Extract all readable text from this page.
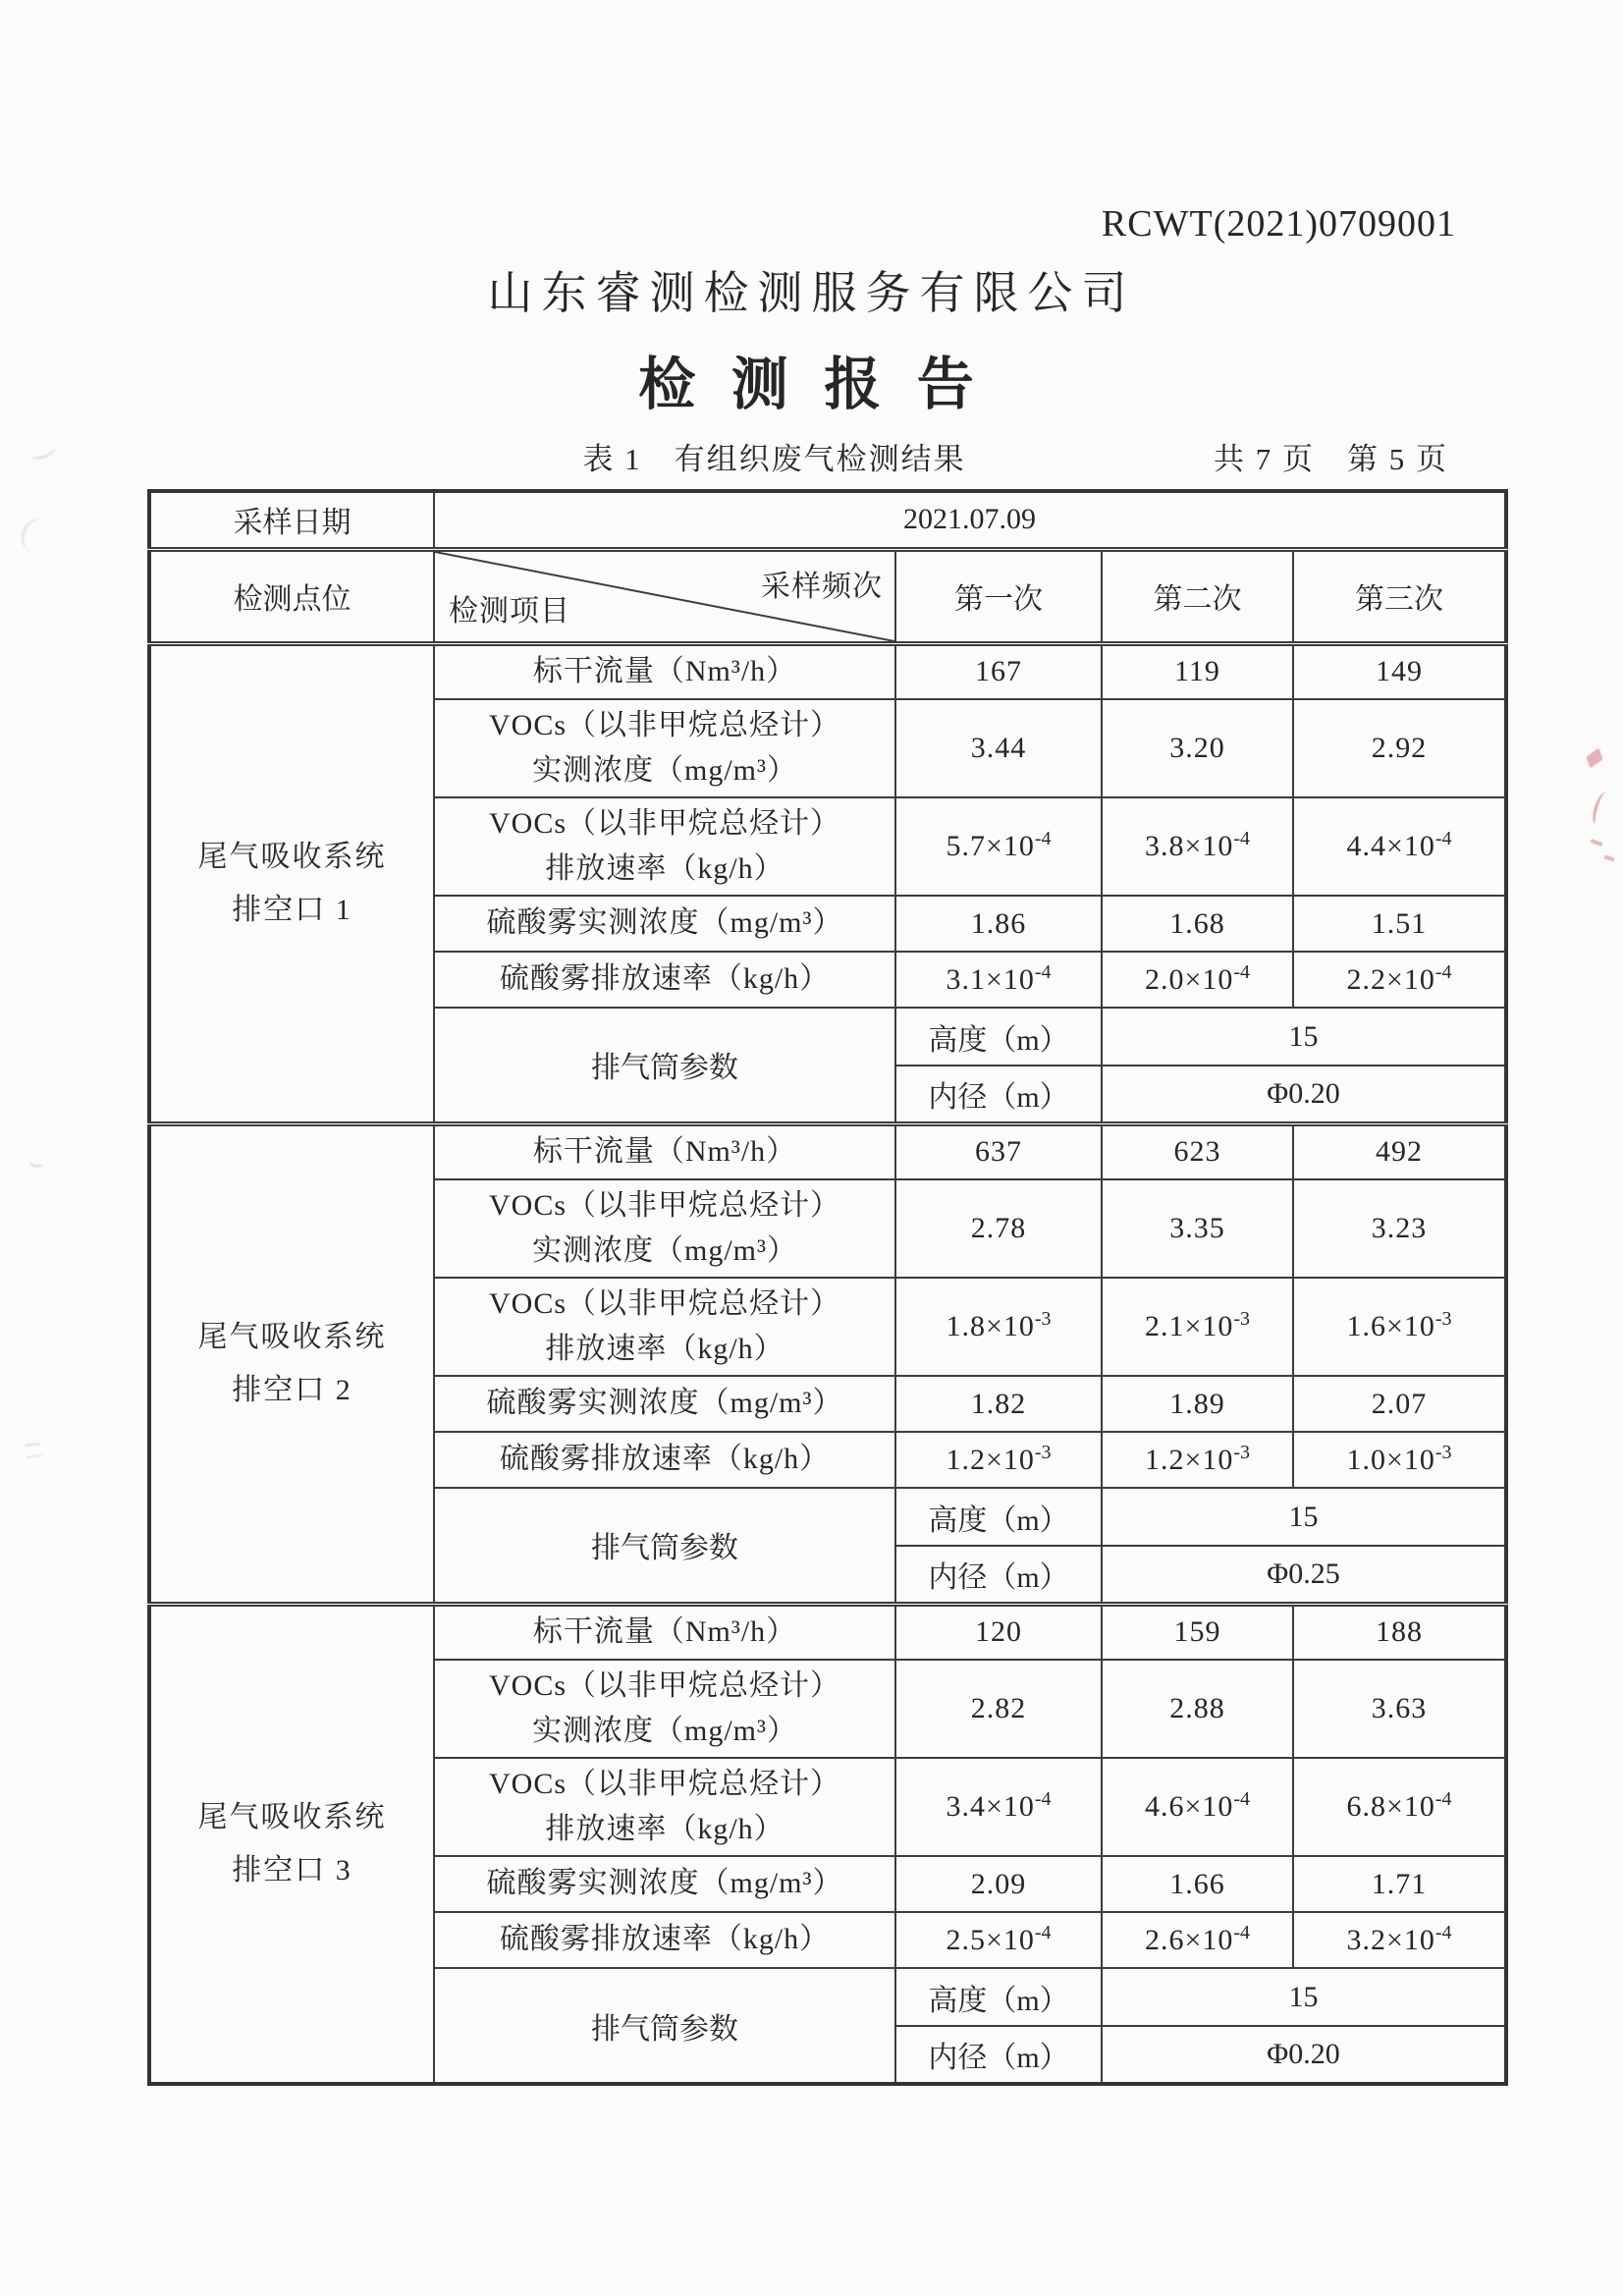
RCWT(2021)0709001
山东睿测检测服务有限公司
检 测 报 告
表 1　有组织废气检测结果	共 7 页　第 5 页
采样日期	2021.07.09			
检测点位	采样频次
检测项目	第一次	第二次	第三次

尾气吸收系统
排空口 1	标干流量（Nm³/h）	167	119	149

	VOCs（以非甲烷总烃计）
实测浓度（mg/m³）	3.44	3.20	2.92

	VOCs（以非甲烷总烃计）
排放速率（kg/h）	$5.7\times 10^{-4}$	$3.8\times 10^{-4}$	$4.4\times 10^{-4}$

	硫酸雾实测浓度（mg/m³）	1.86	1.68	1.51

	硫酸雾排放速率（kg/h）	$3.1\times 10^{-4}$	$2.0\times 10^{-4}$	$2.2\times 10^{-4}$
	排气筒参数	高度（m）	15	
		内径（m）	Φ0.20	

尾气吸收系统
排空口 2	标干流量（Nm³/h）	637	623	492

	VOCs（以非甲烷总烃计）
实测浓度（mg/m³）	2.78	3.35	3.23

	VOCs（以非甲烷总烃计）
排放速率（kg/h）	$1.8\times 10^{-3}$	$2.1\times 10^{-3}$	$1.6\times 10^{-3}$

	硫酸雾实测浓度（mg/m³）	1.82	1.89	2.07

	硫酸雾排放速率（kg/h）	$1.2\times 10^{-3}$	$1.2\times 10^{-3}$	$1.0\times 10^{-3}$
	排气筒参数	高度（m）	15	
		内径（m）	Φ0.25	

尾气吸收系统
排空口 3	标干流量（Nm³/h）	120	159	188

	VOCs（以非甲烷总烃计）
实测浓度（mg/m³）	2.82	2.88	3.63

	VOCs（以非甲烷总烃计）
排放速率（kg/h）	$3.4\times 10^{-4}$	$4.6\times 10^{-4}$	$6.8\times 10^{-4}$

	硫酸雾实测浓度（mg/m³）	2.09	1.66	1.71

	硫酸雾排放速率（kg/h）	$2.5\times 10^{-4}$	$2.6\times 10^{-4}$	$3.2\times 10^{-4}$
	排气筒参数	高度（m）	15	
		内径（m）	Φ0.20	
